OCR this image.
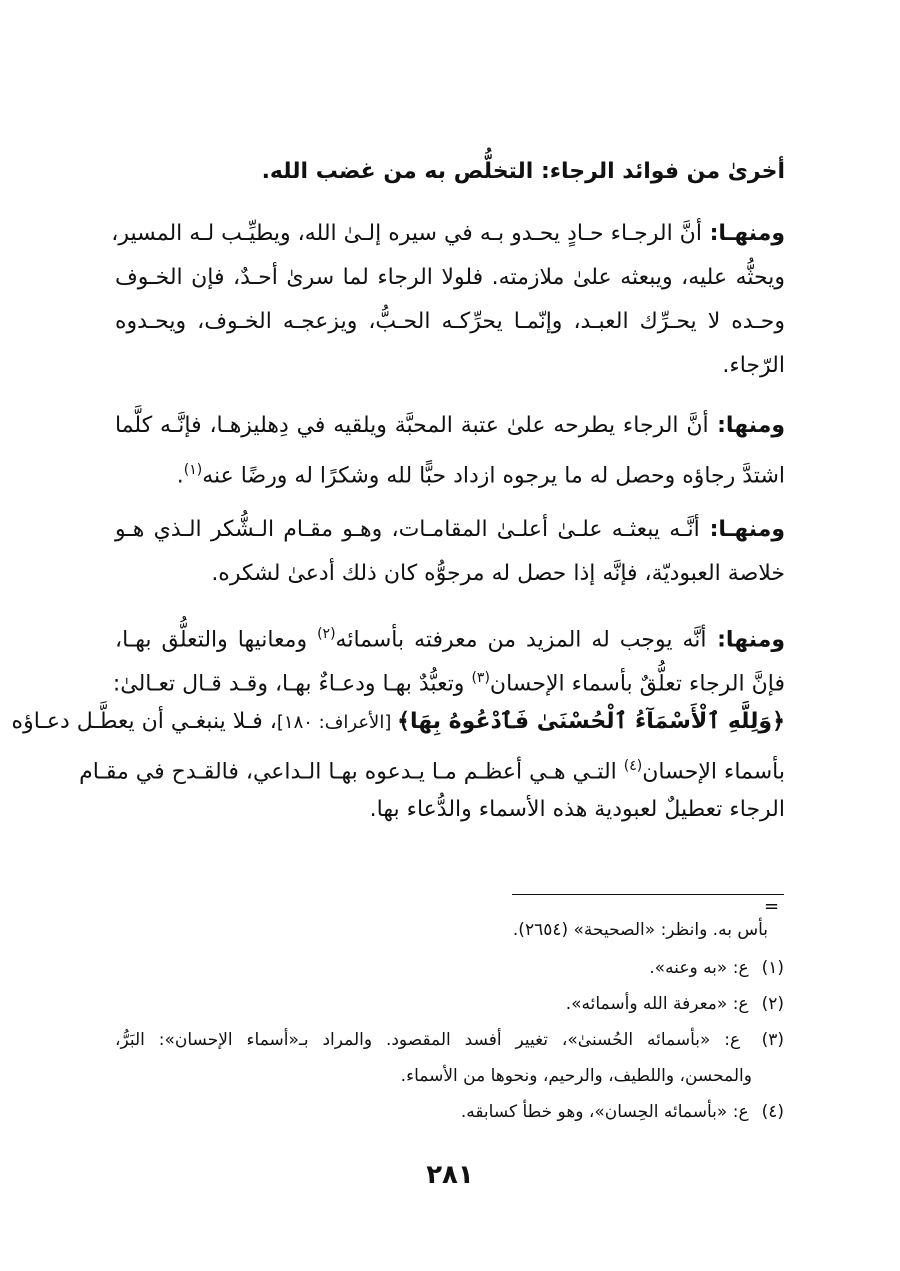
أخرىٰ من فوائد الرجاء: التخلُّص به من غضب الله.
ومنهـا: أنَّ الرجـاء حـادٍ يحـدو بـه في سيره إلـىٰ الله، ويطيِّـب لـه المسير،
ويحثُّه عليه، ويبعثه علىٰ ملازمته. فلولا الرجاء لما سرىٰ أحـدٌ، فإن الخـوف
وحـده لا يحـرِّك العبـد، وإنّمـا يحرِّكـه الحـبُّ، ويزعجـه الخـوف، ويحـدوه
الرّجاء.
ومنها: أنَّ الرجاء يطرحه علىٰ عتبة المحبَّة ويلقيه في دِهليزهـا، فإنَّـه كلَّما
اشتدَّ رجاؤه وحصل له ما يرجوه ازداد حبًّا لله وشكرًا له ورضًا عنه$^{(١)}$.
ومنهـا: أنَّـه يبعثـه علـىٰ أعلـىٰ المقامـات، وهـو مقـام الـشُّكر الـذي هـو
خلاصة العبوديّة، فإنَّه إذا حصل له مرجوُّه كان ذلك أدعىٰ لشكره.
ومنها: أنَّه يوجب له المزيد من معرفته بأسمائه$^{(٢)}$ ومعانيها والتعلُّق بهـا،
فإنَّ الرجاء تعلُّقٌ بأسماء الإحسان$^{(٣)}$ وتعبُّدٌ بهـا ودعـاءٌ بهـا، وقـد قـال تعـالىٰ:
﴿وَلِلَّهِ ٱلْأَسْمَآءُ ٱلْحُسْنَىٰ فَٱدْعُوهُ بِهَا﴾ [الأعراف: ١٨٠]، فـلا ينبغـي أن يعطَّـل دعـاؤه
بأسماء الإحسان$^{(٤)}$ التـي هـي أعظـم مـا يـدعوه بهـا الـداعي، فالقـدح في مقـام
الرجاء تعطيلٌ لعبودية هذه الأسماء والدُّعاء بها.
=
بأس به. وانظر: «الصحيحة» (٢٦٥٤).
(١) ع: «به وعنه».
(٢) ع: «معرفة الله وأسمائه».
(٣) ع: «بأسمائه الحُسنىٰ»، تغيير أفسد المقصود. والمراد بـ«أسماء الإحسان»: البَرُّ،
والمحسن، واللطيف، والرحيم، ونحوها من الأسماء.
(٤) ع: «بأسمائه الحِسان»، وهو خطأ كسابقه.
٢٨١
